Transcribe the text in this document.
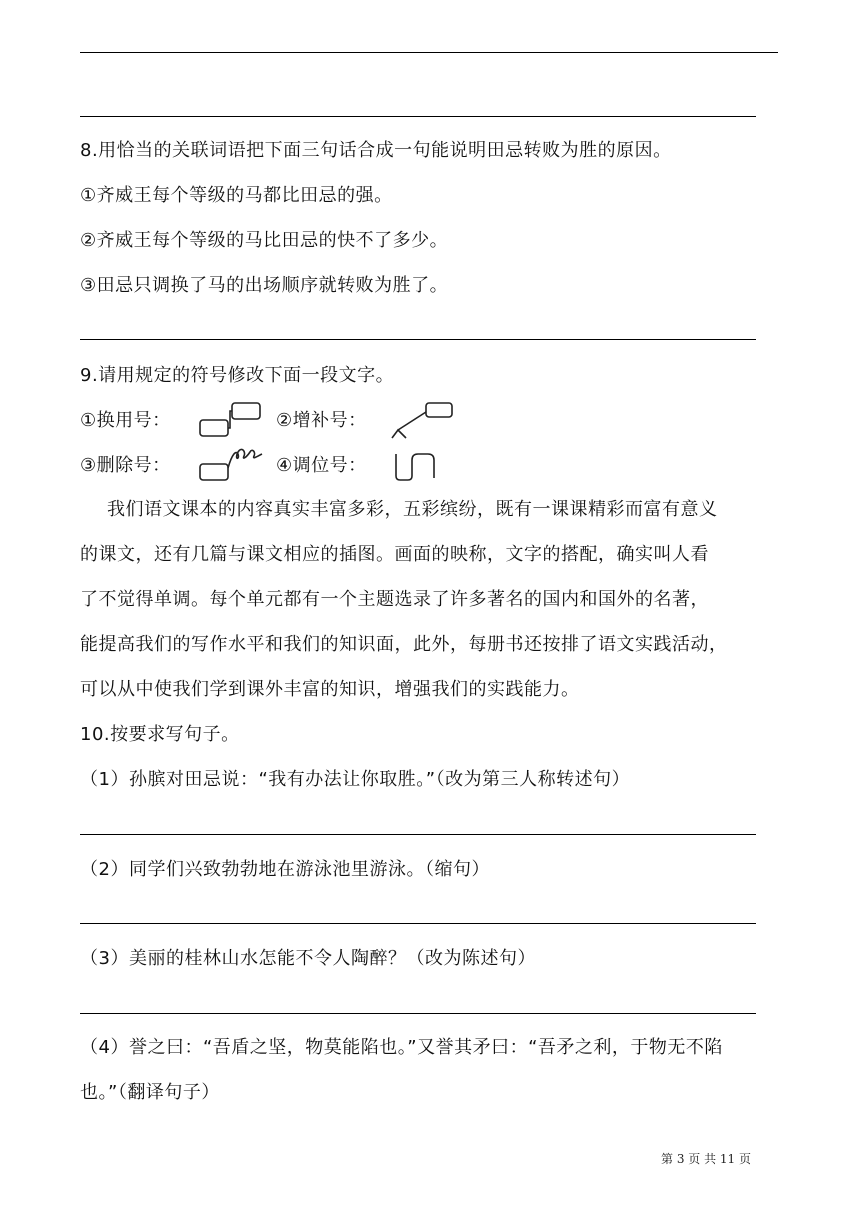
8.用恰当的关联词语把下面三句话合成一句能说明田忌转败为胜的原因。
①齐威王每个等级的马都比田忌的强。
②齐威王每个等级的马比田忌的快不了多少。
③田忌只调换了马的出场顺序就转败为胜了。
9.请用规定的符号修改下面一段文字。
①换用号：	②增补号：
③删除号：	④调位号：
我们语文课本的内容真实丰富多彩，五彩缤纷，既有一课课精彩而富有意义
的课文，还有几篇与课文相应的插图。画面的映称，文字的搭配，确实叫人看
了不觉得单调。每个单元都有一个主题选录了许多著名的国内和国外的名著，
能提高我们的写作水平和我们的知识面，此外，每册书还按排了语文实践活动，
可以从中使我们学到课外丰富的知识，增强我们的实践能力。
10.按要求写句子。
（1）孙膑对田忌说：“我有办法让你取胜。”（改为第三人称转述句）
（2）同学们兴致勃勃地在游泳池里游泳。（缩句）
（3）美丽的桂林山水怎能不令人陶醉？（改为陈述句）
（4）誉之曰：“吾盾之坚，物莫能陷也。”又誉其矛曰：“吾矛之利，于物无不陷
也。”（翻译句子）
第 3 页 共 11 页
